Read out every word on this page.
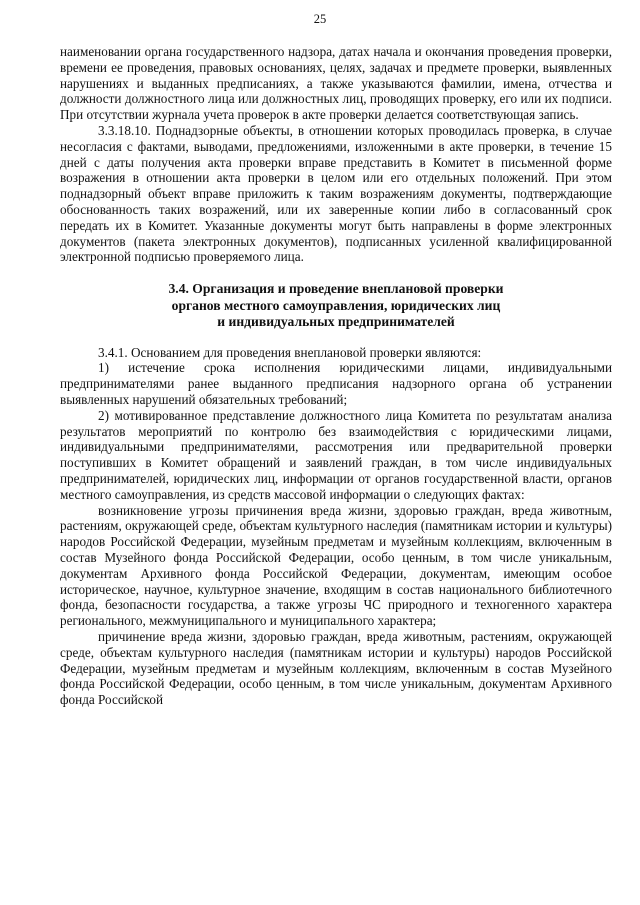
25

наименовании органа государственного надзора, датах начала и окончания проведения проверки, времени ее проведения, правовых основаниях, целях, задачах и предмете проверки, выявленных нарушениях и выданных предписаниях, а также указываются фамилии, имена, отчества и должности должностного лица или должностных лиц, проводящих проверку, его или их подписи. При отсутствии журнала учета проверок в акте проверки делается соответствующая запись.

3.3.18.10. Поднадзорные объекты, в отношении которых проводилась проверка, в случае несогласия с фактами, выводами, предложениями, изложенными в акте проверки, в течение 15 дней с даты получения акта проверки вправе представить в Комитет в письменной форме возражения в отношении акта проверки в целом или его отдельных положений. При этом поднадзорный объект вправе приложить к таким возражениям документы, подтверждающие обоснованность таких возражений, или их заверенные копии либо в согласованный срок передать их в Комитет. Указанные документы могут быть направлены в форме электронных документов (пакета электронных документов), подписанных усиленной квалифицированной электронной подписью проверяемого лица.

3.4. Организация и проведение внеплановой проверки
органов местного самоуправления, юридических лиц
и индивидуальных предпринимателей

3.4.1. Основанием для проведения внеплановой проверки являются:

1) истечение срока исполнения юридическими лицами, индивидуальными предпринимателями ранее выданного предписания надзорного органа об устранении выявленных нарушений обязательных требований;

2) мотивированное представление должностного лица Комитета по результатам анализа результатов мероприятий по контролю без взаимодействия с юридическими лицами, индивидуальными предпринимателями, рассмотрения или предварительной проверки поступивших в Комитет обращений и заявлений граждан, в том числе индивидуальных предпринимателей, юридических лиц, информации от органов государственной власти, органов местного самоуправления, из средств массовой информации о следующих фактах:

возникновение угрозы причинения вреда жизни, здоровью граждан, вреда животным, растениям, окружающей среде, объектам культурного наследия (памятникам истории и культуры) народов Российской Федерации, музейным предметам и музейным коллекциям, включенным в состав Музейного фонда Российской Федерации, особо ценным, в том числе уникальным, документам Архивного фонда Российской Федерации, документам, имеющим особое историческое, научное, культурное значение, входящим в состав национального библиотечного фонда, безопасности государства, а также угрозы ЧС природного и техногенного характера регионального, межмуниципального и муниципального характера;

причинение вреда жизни, здоровью граждан, вреда животным, растениям, окружающей среде, объектам культурного наследия (памятникам истории и культуры) народов Российской Федерации, музейным предметам и музейным коллекциям, включенным в состав Музейного фонда Российской Федерации, особо ценным, в том числе уникальным, документам Архивного фонда Российской
